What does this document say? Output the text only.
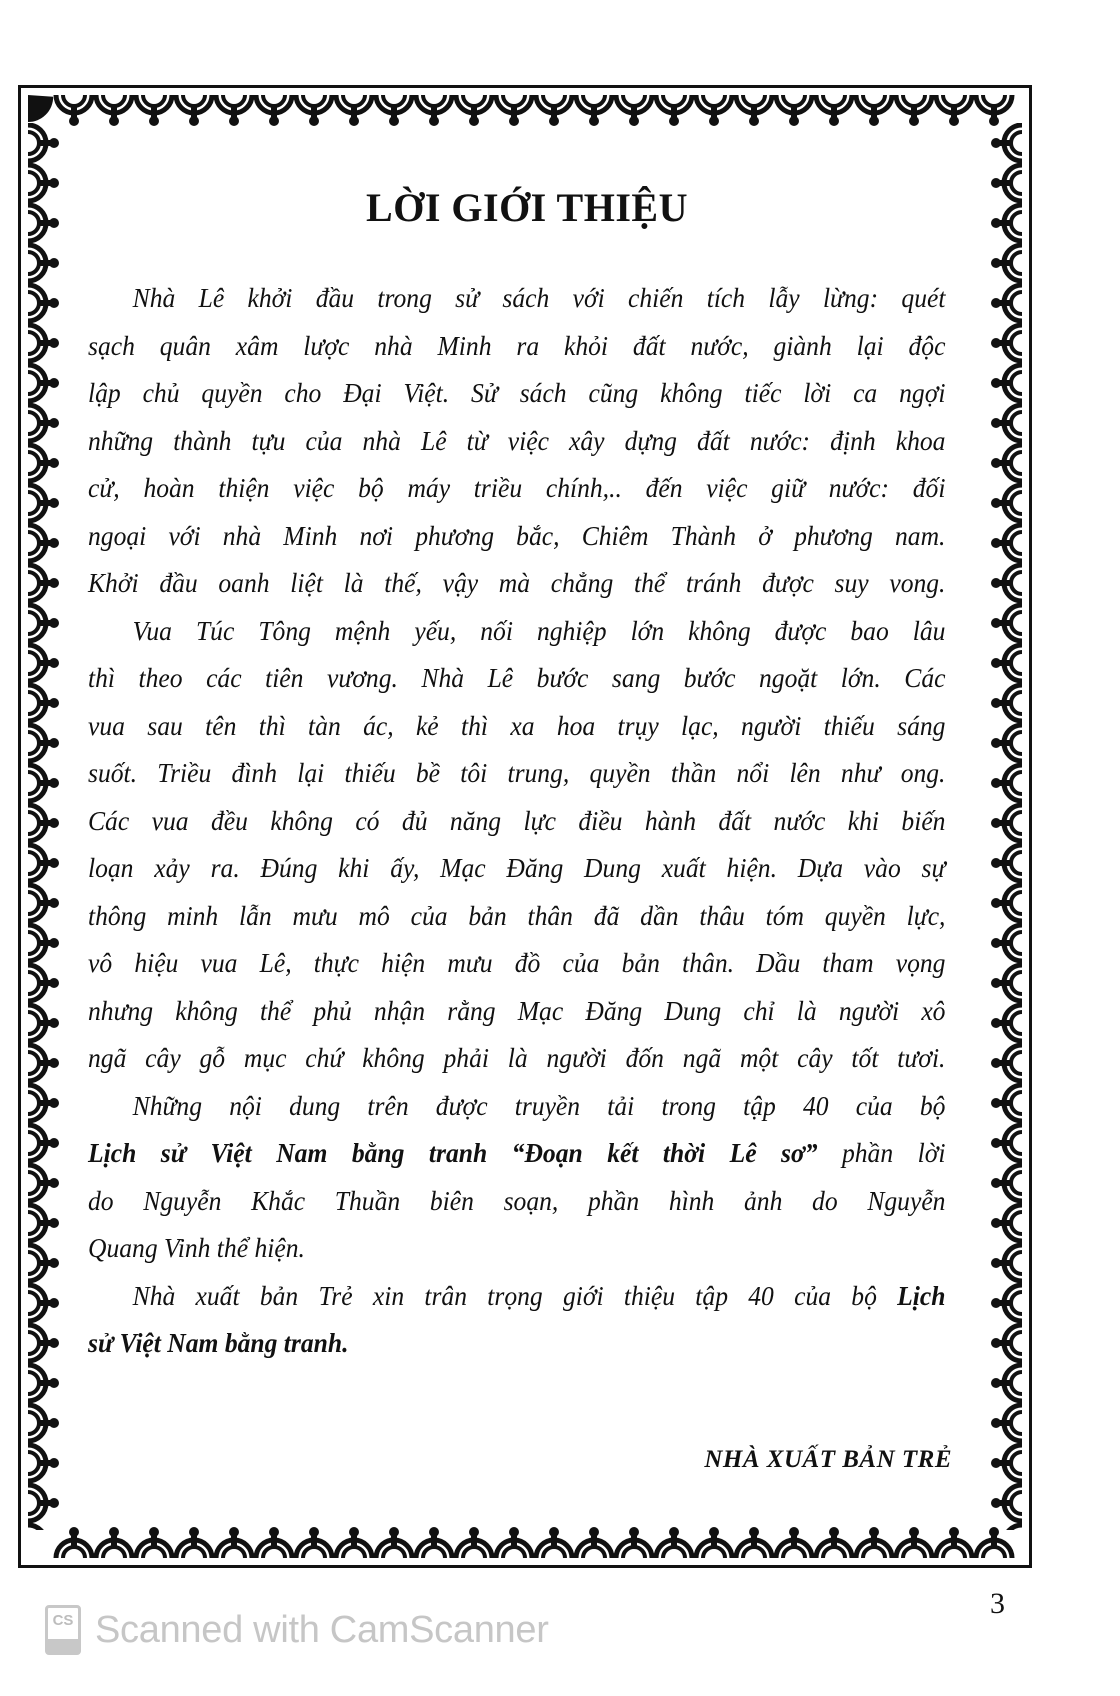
LỜI GIỚI THIỆU
Nhà Lê khởi đầu trong sử sách với chiến tích lẫy lừng: quét
sạch quân xâm lược nhà Minh ra khỏi đất nước, giành lại độc
lập chủ quyền cho Đại Việt. Sử sách cũng không tiếc lời ca ngợi
những thành tựu của nhà Lê từ việc xây dựng đất nước: định khoa
cử, hoàn thiện việc bộ máy triều chính,.. đến việc giữ nước: đối
ngoại với nhà Minh nơi phương bắc, Chiêm Thành ở phương nam.
Khởi đầu oanh liệt là thế, vậy mà chẳng thể tránh được suy vong.
Vua Túc Tông mệnh yếu, nối nghiệp lớn không được bao lâu
thì theo các tiên vương. Nhà Lê bước sang bước ngoặt lớn. Các
vua sau tên thì tàn ác, kẻ thì xa hoa trụy lạc, người thiếu sáng
suốt. Triều đình lại thiếu bề tôi trung, quyền thần nổi lên như ong.
Các vua đều không có đủ năng lực điều hành đất nước khi biến
loạn xảy ra. Đúng khi ấy, Mạc Đăng Dung xuất hiện. Dựa vào sự
thông minh lẫn mưu mô của bản thân đã dần thâu tóm quyền lực,
vô hiệu vua Lê, thực hiện mưu đồ của bản thân. Dầu tham vọng
nhưng không thể phủ nhận rằng Mạc Đăng Dung chỉ là người xô
ngã cây gỗ mục chứ không phải là người đốn ngã một cây tốt tươi.
Những nội dung trên được truyền tải trong tập 40 của bộ
Lịch sử Việt Nam bằng tranh “Đoạn kết thời Lê sơ” phần lời
do Nguyễn Khắc Thuần biên soạn, phần hình ảnh do Nguyễn
Quang Vinh thể hiện.
Nhà xuất bản Trẻ xin trân trọng giới thiệu tập 40 của bộ Lịch
sử Việt Nam bằng tranh.
NHÀ XUẤT BẢN TRẺ
3
CS Scanned with CamScanner
